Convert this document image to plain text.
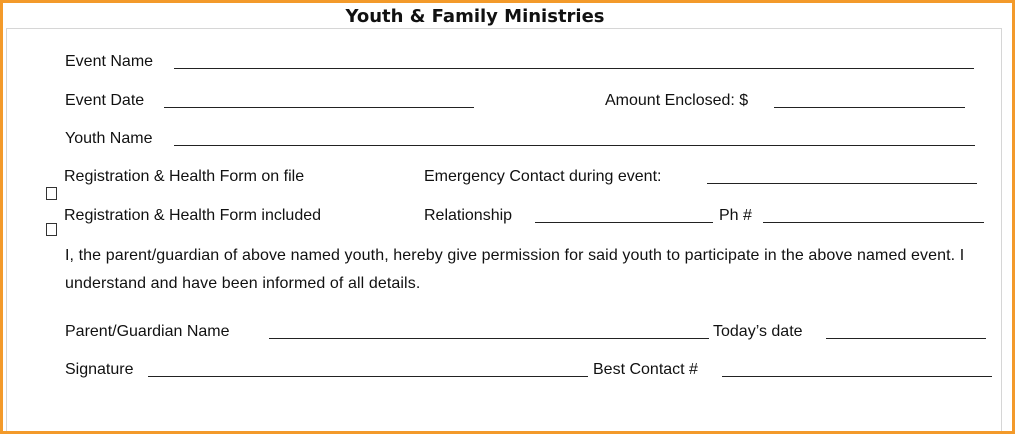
Youth & Family Ministries
Event Name
Event Date	Amount Enclosed: $
Youth Name
Registration & Health Form on file	Emergency Contact during event:
Registration & Health Form included	Relationship	Ph #
I, the parent/guardian of above named youth, hereby give permission for said youth to participate in the above named event. I understand and have been informed of all details.
Parent/Guardian Name	Today’s date
Signature	Best Contact #
